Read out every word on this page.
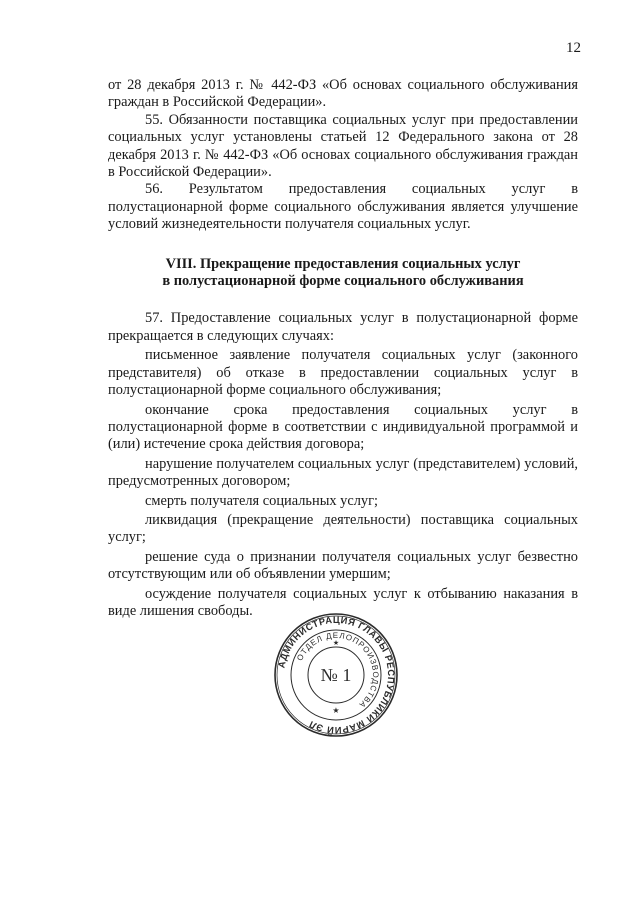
12

от 28 декабря 2013 г. № 442-ФЗ «Об основах социального обслуживания граждан в Российской Федерации».

55. Обязанности поставщика социальных услуг при предоставлении социальных услуг установлены статьей 12 Федерального закона от 28 декабря 2013 г. № 442-ФЗ «Об основах социального обслуживания граждан в Российской Федерации».

56. Результатом предоставления социальных услуг в полустационарной форме социального обслуживания является улучшение условий жизнедеятельности получателя социальных услуг.

VIII. Прекращение предоставления социальных услуг
в полустационарной форме социального обслуживания

57. Предоставление социальных услуг в полустационарной форме прекращается в следующих случаях:

письменное заявление получателя социальных услуг (законного представителя) об отказе в предоставлении социальных услуг в полустационарной форме социального обслуживания;

окончание срока предоставления социальных услуг в полустационарной форме в соответствии с индивидуальной программой и (или) истечение срока действия договора;

нарушение получателем социальных услуг (представителем) условий, предусмотренных договором;

смерть получателя социальных услуг;

ликвидация (прекращение деятельности) поставщика социальных услуг;

решение суда о признании получателя социальных услуг безвестно отсутствующим или об объявлении умершим;

осуждение получателя социальных услуг к отбыванию наказания в виде лишения свободы.

АДМИНИСТРАЦИЯ ГЛАВЫ РЕСПУБЛИКИ МАРИЙ ЭЛ
ОТДЕЛ ДЕЛОПРОИЗВОДСТВА
№ 1
★
★
